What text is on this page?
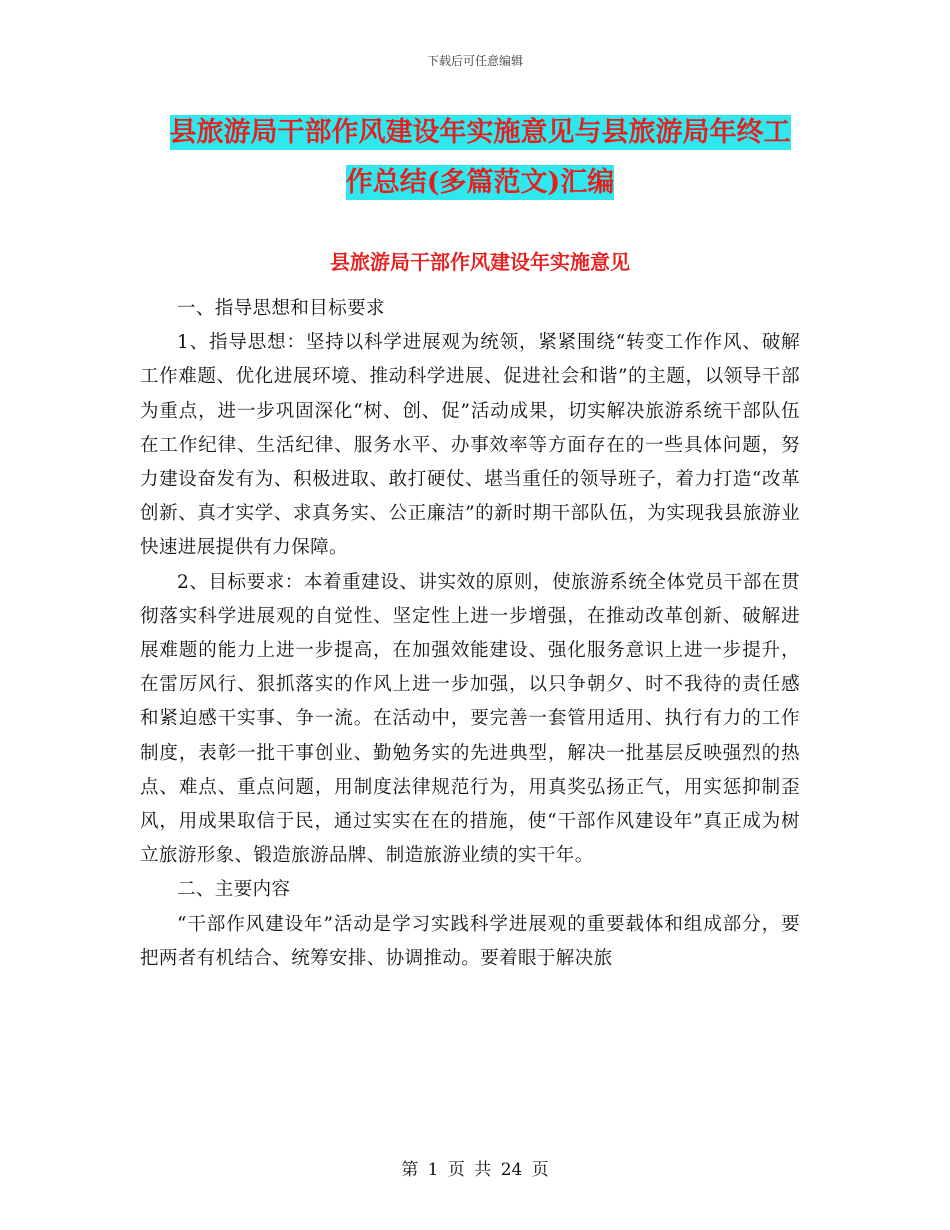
下载后可任意编辑
县旅游局干部作风建设年实施意见与县旅游局年终工
作总结(多篇范文)汇编
县旅游局干部作风建设年实施意见

一、指导思想和目标要求

1、指导思想：坚持以科学进展观为统领，紧紧围绕“转变工作作风、破解工作难题、优化进展环境、推动科学进展、促进社会和谐”的主题，以领导干部为重点，进一步巩固深化“树、创、促”活动成果，切实解决旅游系统干部队伍在工作纪律、生活纪律、服务水平、办事效率等方面存在的一些具体问题，努力建设奋发有为、积极进取、敢打硬仗、堪当重任的领导班子，着力打造“改革创新、真才实学、求真务实、公正廉洁”的新时期干部队伍，为实现我县旅游业快速进展提供有力保障。

2、目标要求：本着重建设、讲实效的原则，使旅游系统全体党员干部在贯彻落实科学进展观的自觉性、坚定性上进一步增强，在推动改革创新、破解进展难题的能力上进一步提高，在加强效能建设、强化服务意识上进一步提升，在雷厉风行、狠抓落实的作风上进一步加强，以只争朝夕、时不我待的责任感和紧迫感干实事、争一流。在活动中，要完善一套管用适用、执行有力的工作制度，表彰一批干事创业、勤勉务实的先进典型，解决一批基层反映强烈的热点、难点、重点问题，用制度法律规范行为，用真奖弘扬正气，用实惩抑制歪风，用成果取信于民，通过实实在在的措施，使“干部作风建设年”真正成为树立旅游形象、锻造旅游品牌、制造旅游业绩的实干年。

二、主要内容

“干部作风建设年”活动是学习实践科学进展观的重要载体和组成部分，要把两者有机结合、统筹安排、协调推动。要着眼于解决旅

第 1 页 共 24 页
